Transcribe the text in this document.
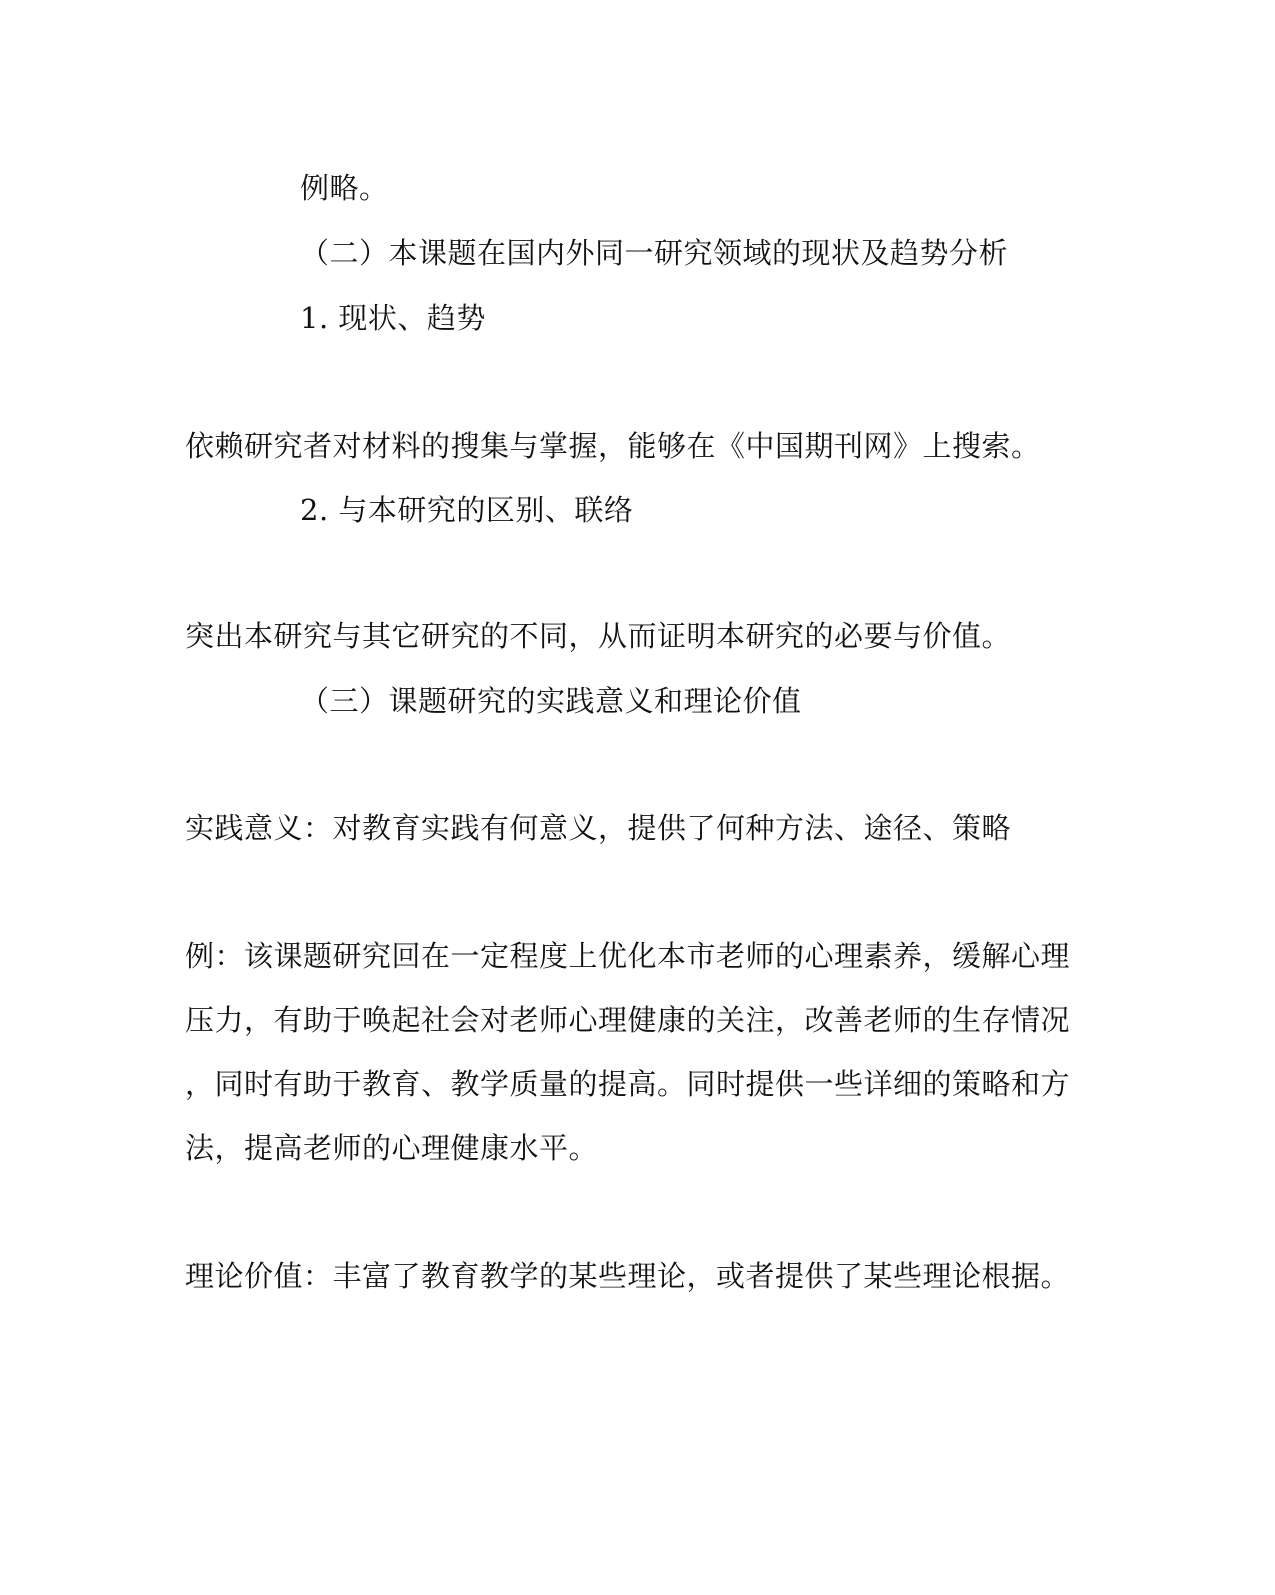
例略。
（二）本课题在国内外同一研究领域的现状及趋势分析
1. 现状、趋势
依赖研究者对材料的搜集与掌握，能够在《中国期刊网》上搜索。
2. 与本研究的区别、联络
突出本研究与其它研究的不同，从而证明本研究的必要与价值。
（三）课题研究的实践意义和理论价值
实践意义：对教育实践有何意义，提供了何种方法、途径、策略
例：该课题研究回在一定程度上优化本市老师的心理素养，缓解心理
压力，有助于唤起社会对老师心理健康的关注，改善老师的生存情况
，同时有助于教育、教学质量的提高。同时提供一些详细的策略和方
法，提高老师的心理健康水平。
理论价值：丰富了教育教学的某些理论，或者提供了某些理论根据。
